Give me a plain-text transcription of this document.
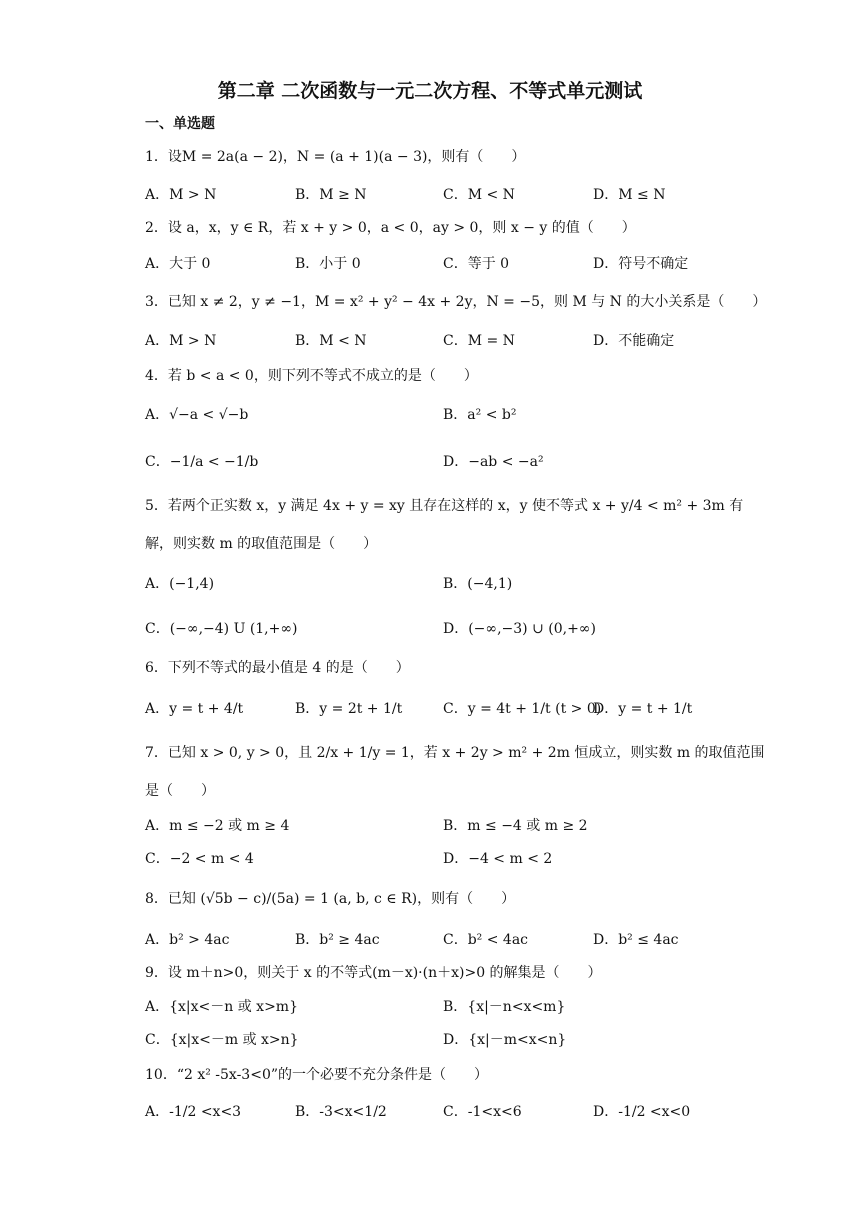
第二章 二次函数与一元二次方程、不等式单元测试
一、单选题
1．设M = 2a(a − 2)，N = (a + 1)(a − 3)，则有（　　）
A．M > N	B．M ≥ N	C．M < N	D．M ≤ N
2．设 a，x，y ∈ R，若 x + y > 0，a < 0，ay > 0，则 x − y 的值（　　）
A．大于 0	B．小于 0	C．等于 0	D．符号不确定
3．已知 x ≠ 2，y ≠ −1，M = x² + y² − 4x + 2y，N = −5，则 M 与 N 的大小关系是（　　）
A．M > N	B．M < N	C．M = N	D．不能确定
4．若 b < a < 0，则下列不等式不成立的是（　　）
A．√−a < √−b	B．a² < b²
C．−1/a < −1/b	D．−ab < −a²
5．若两个正实数 x，y 满足 4x + y = xy 且存在这样的 x，y 使不等式 x + y/4 < m² + 3m 有
解，则实数 m 的取值范围是（　　）
A．(−1,4)	B．(−4,1)
C．(−∞,−4) U (1,+∞)	D．(−∞,−3) ∪ (0,+∞)
6．下列不等式的最小值是 4 的是（　　）
A．y = t + 4/t	B．y = 2t + 1/t	C．y = 4t + 1/t (t > 0)
D．y = t + 1/t
7．已知 x > 0, y > 0，且 2/x + 1/y = 1，若 x + 2y > m² + 2m 恒成立，则实数 m 的取值范围
是（　　）
A．m ≤ −2 或 m ≥ 4	B．m ≤ −4 或 m ≥ 2
C．−2 < m < 4	D．−4 < m < 2
8．已知 (√5b − c)/(5a) = 1 (a, b, c ∈ R)，则有（　　）
A．b² > 4ac	B．b² ≥ 4ac	C．b² < 4ac	D．b² ≤ 4ac
9．设 m＋n>0，则关于 x 的不等式(m－x)·(n＋x)>0 的解集是（　　）
A．{x|x<－n 或 x>m}	B．{x|－n<x<m}
C．{x|x<－m 或 x>n}	D．{x|－m<x<n}
10．“2 x² -5x-3<0”的一个必要不充分条件是（　　）
A．-1/2 <x<3	B．-3<x<1/2	C．-1<x<6	D．-1/2 <x<0
